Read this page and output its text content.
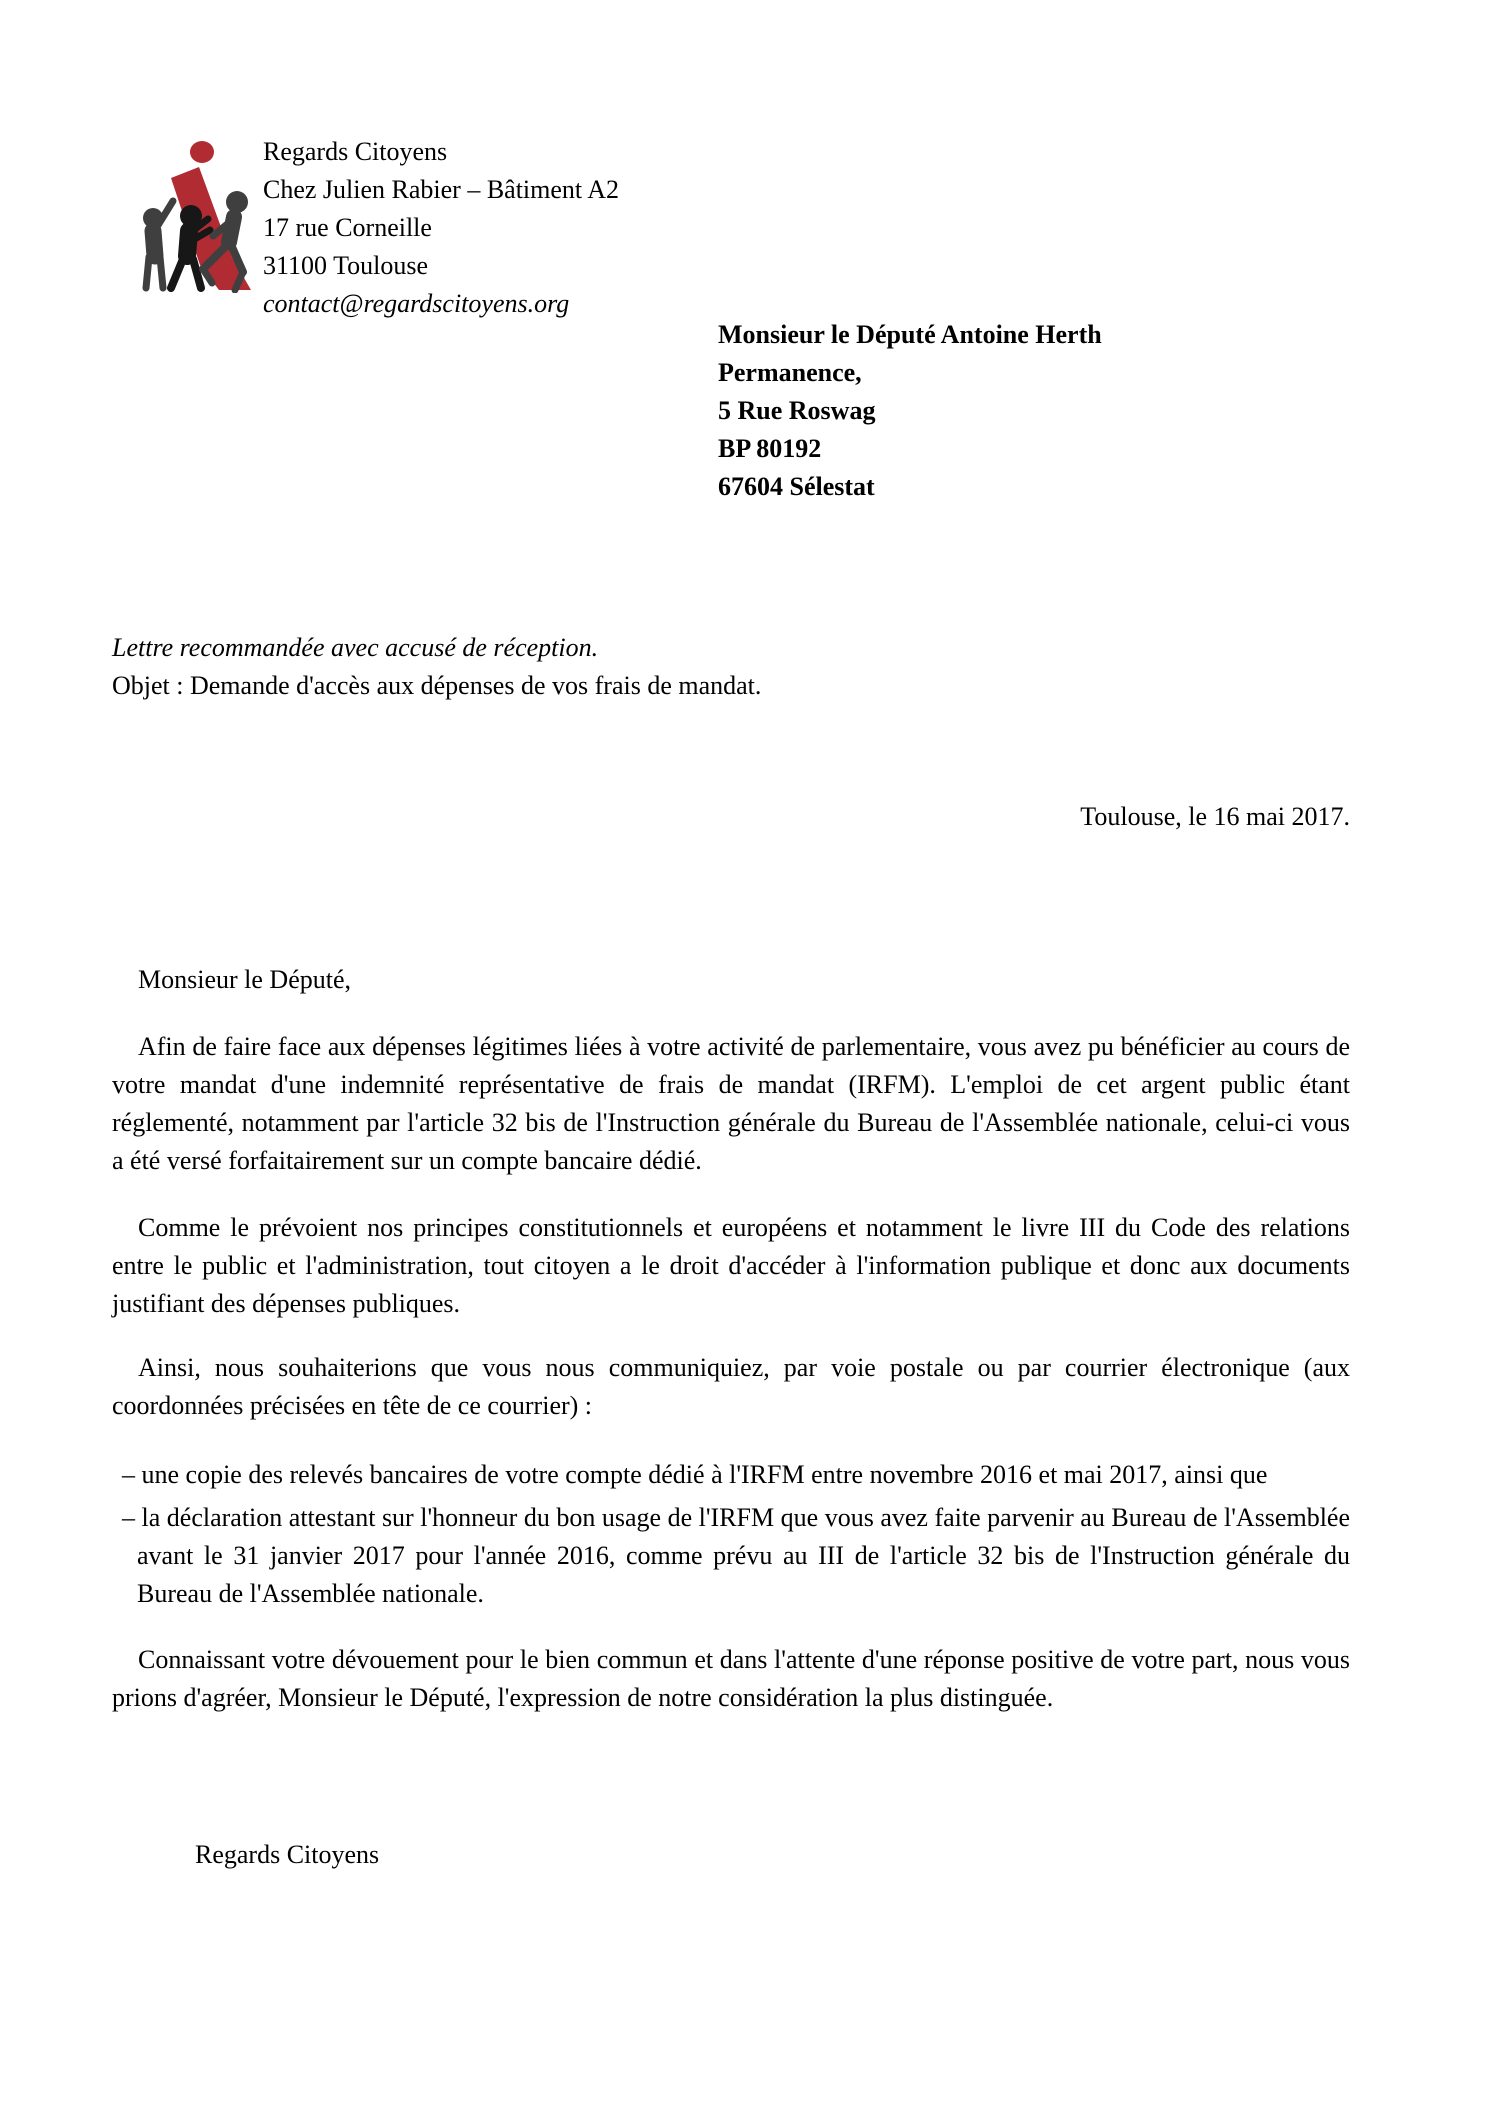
Regards Citoyens
Chez Julien Rabier – Bâtiment A2
17 rue Corneille
31100 Toulouse
contact@regardscitoyens.org
Monsieur le Député Antoine Herth
Permanence,
5 Rue Roswag
BP 80192
67604 Sélestat
Lettre recommandée avec accusé de réception.
Objet : Demande d'accès aux dépenses de vos frais de mandat.
Toulouse, le 16 mai 2017.
Monsieur le Député,

Afin de faire face aux dépenses légitimes liées à votre activité de parlementaire, vous avez pu bénéficier au cours de votre mandat d'une indemnité représentative de frais de mandat (IRFM). L'emploi de cet argent public étant réglementé, notamment par l'article 32 bis de l'Instruction générale du Bureau de l'Assemblée nationale, celui-ci vous a été versé forfaitairement sur un compte bancaire dédié.

Comme le prévoient nos principes constitutionnels et européens et notamment le livre III du Code des relations entre le public et l'administration, tout citoyen a le droit d'accéder à l'information publique et donc aux documents justifiant des dépenses publiques.

Ainsi, nous souhaiterions que vous nous communiquiez, par voie postale ou par courrier électronique (aux coordonnées précisées en tête de ce courrier) :

– une copie des relevés bancaires de votre compte dédié à l'IRFM entre novembre 2016 et mai 2017, ainsi que
– la déclaration attestant sur l'honneur du bon usage de l'IRFM que vous avez faite parvenir au Bureau de l'Assemblée avant le 31 janvier 2017 pour l'année 2016, comme prévu au III de l'article 32 bis de l'Instruction générale du Bureau de l'Assemblée nationale.

Connaissant votre dévouement pour le bien commun et dans l'attente d'une réponse positive de votre part, nous vous prions d'agréer, Monsieur le Député, l'expression de notre considération la plus distinguée.

Regards Citoyens
